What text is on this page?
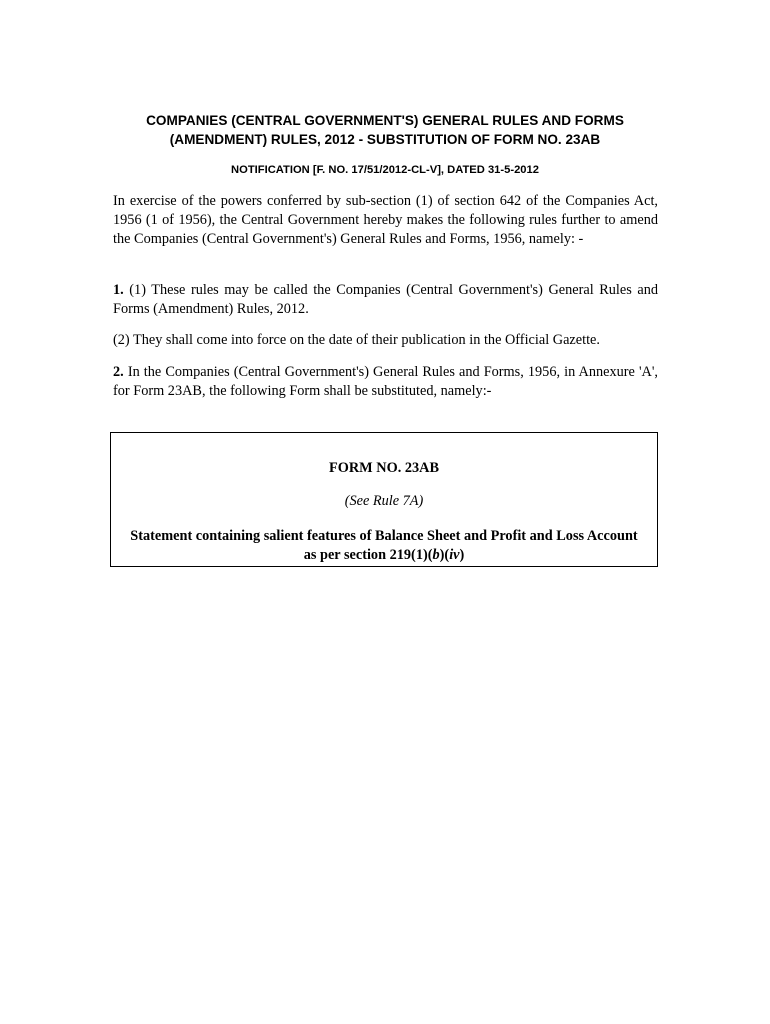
COMPANIES (CENTRAL GOVERNMENT'S) GENERAL RULES AND FORMS
(AMENDMENT) RULES, 2012 - SUBSTITUTION OF FORM NO. 23AB
NOTIFICATION [F. NO. 17/51/2012-CL-V], DATED 31-5-2012
In exercise of the powers conferred by sub-section (1) of section 642 of the Companies Act, 1956 (1 of 1956), the Central Government hereby makes the following rules further to amend the Companies (Central Government's) General Rules and Forms, 1956, namely: -
1. (1) These rules may be called the Companies (Central Government's) General Rules and Forms (Amendment) Rules, 2012.
(2) They shall come into force on the date of their publication in the Official Gazette.
2. In the Companies (Central Government's) General Rules and Forms, 1956, in Annexure 'A', for Form 23AB, the following Form shall be substituted, namely:-
FORM NO. 23AB
(See Rule 7A)
Statement containing salient features of Balance Sheet and Profit and Loss Account
as per section 219(1)(b)(iv)
